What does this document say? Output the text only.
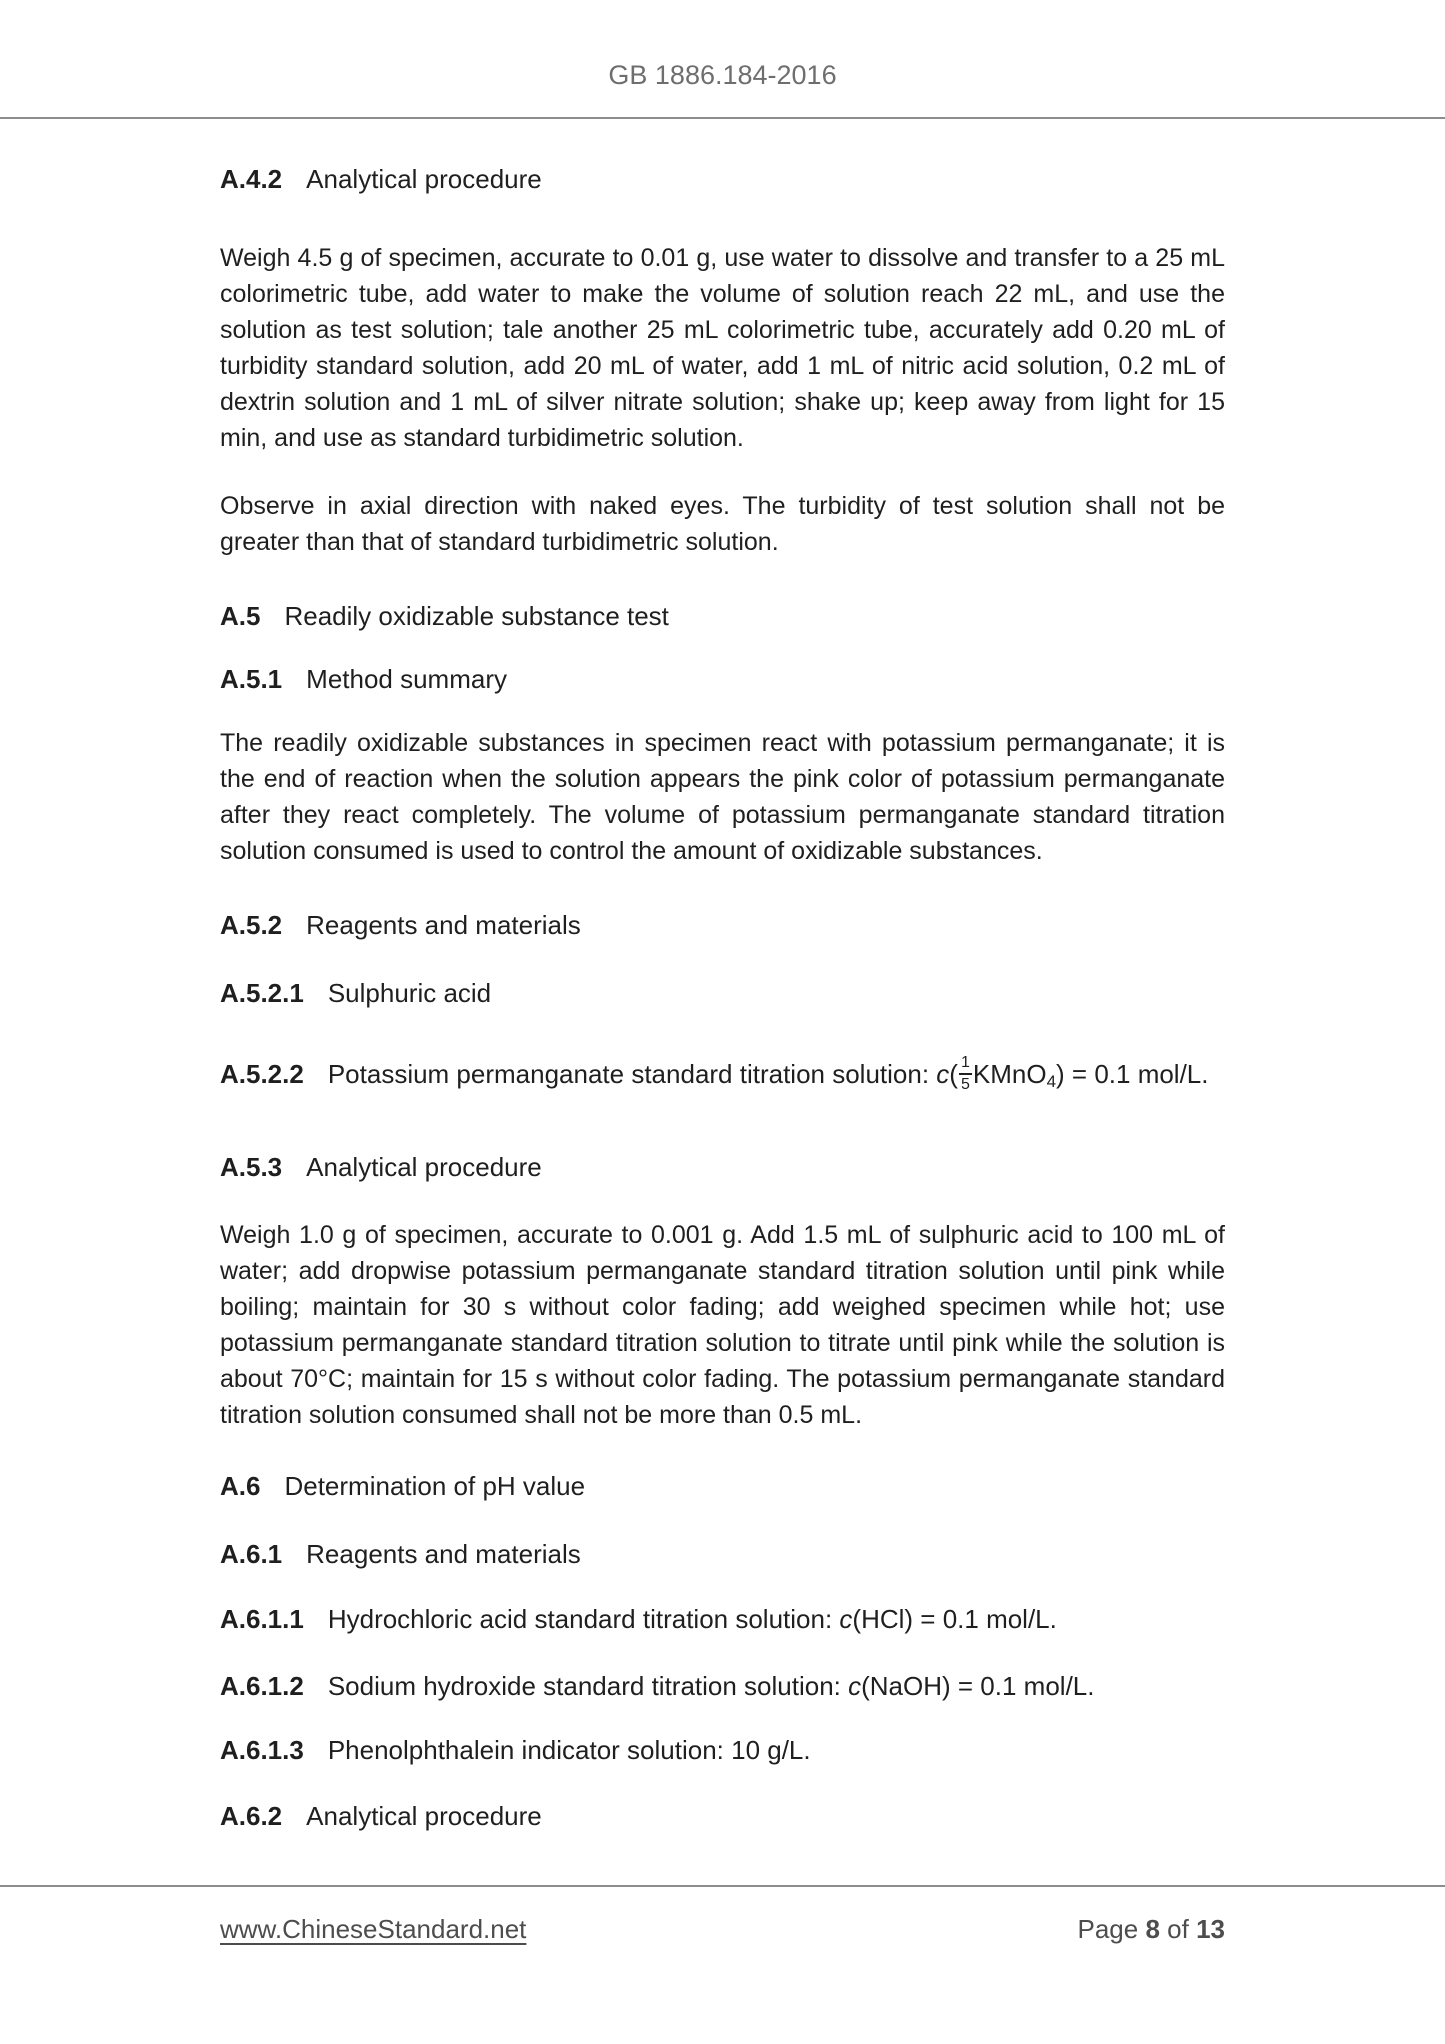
GB 1886.184-2016
A.4.2 Analytical procedure

Weigh 4.5 g of specimen, accurate to 0.01 g, use water to dissolve and transfer to a 25 mL colorimetric tube, add water to make the volume of solution reach 22 mL, and use the solution as test solution; tale another 25 mL colorimetric tube, accurately add 0.20 mL of turbidity standard solution, add 20 mL of water, add 1 mL of nitric acid solution, 0.2 mL of dextrin solution and 1 mL of silver nitrate solution; shake up; keep away from light for 15 min, and use as standard turbidimetric solution.

Observe in axial direction with naked eyes. The turbidity of test solution shall not be greater than that of standard turbidimetric solution.

A.5 Readily oxidizable substance test
A.5.1 Method summary

The readily oxidizable substances in specimen react with potassium permanganate; it is the end of reaction when the solution appears the pink color of potassium permanganate after they react completely. The volume of potassium permanganate standard titration solution consumed is used to control the amount of oxidizable substances.

A.5.2 Reagents and materials
A.5.2.1 Sulphuric acid
A.5.2.2 Potassium permanganate standard titration solution: $c( \frac{1}{5}$ KMnO4) = 0.1 mol/L.
A.5.3 Analytical procedure

Weigh 1.0 g of specimen, accurate to 0.001 g. Add 1.5 mL of sulphuric acid to 100 mL of water; add dropwise potassium permanganate standard titration solution until pink while boiling; maintain for 30 s without color fading; add weighed specimen while hot; use potassium permanganate standard titration solution to titrate until pink while the solution is about 70°C; maintain for 15 s without color fading. The potassium permanganate standard titration solution consumed shall not be more than 0.5 mL.

A.6 Determination of pH value
A.6.1 Reagents and materials
A.6.1.1 Hydrochloric acid standard titration solution: c(HCl) = 0.1 mol/L.
A.6.1.2 Sodium hydroxide standard titration solution: c(NaOH) = 0.1 mol/L.
A.6.1.3 Phenolphthalein indicator solution: 10 g/L.
A.6.2 Analytical procedure
www.ChineseStandard.net	Page 8 of 13
